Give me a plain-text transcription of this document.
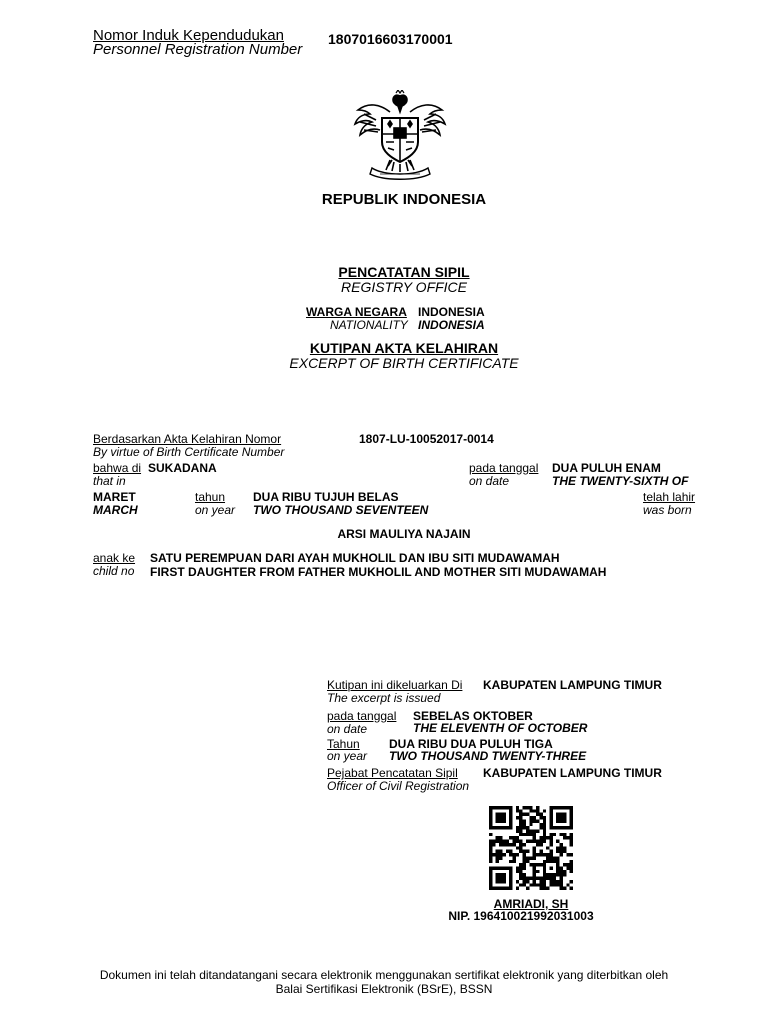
Nomor Induk Kependudukan
Personnel Registration Number
1807016603170001
REPUBLIK INDONESIA
PENCATATAN SIPIL
REGISTRY OFFICE
WARGA NEGARA
NATIONALITY
INDONESIA
INDONESIA
KUTIPAN AKTA KELAHIRAN
EXCERPT OF BIRTH CERTIFICATE
Berdasarkan Akta Kelahiran Nomor
By virtue of Birth Certificate Number
1807-LU-10052017-0014
bahwa di
that in
SUKADANA	pada tanggal
on date
DUA PULUH ENAM
THE TWENTY-SIXTH OF
MARET
MARCH
tahun
on year
DUA RIBU TUJUH BELAS
TWO THOUSAND SEVENTEEN
telah lahir
was born
ARSI MAULIYA NAJAIN
anak ke
child no
SATU PEREMPUAN DARI AYAH MUKHOLIL DAN IBU SITI MUDAWAMAH
FIRST DAUGHTER FROM FATHER MUKHOLIL AND MOTHER SITI MUDAWAMAH
Kutipan ini dikeluarkan Di
The excerpt is issued
KABUPATEN LAMPUNG TIMUR
pada tanggal
on date
SEBELAS OKTOBER
THE ELEVENTH OF OCTOBER
Tahun
on year
DUA RIBU DUA PULUH TIGA
TWO THOUSAND TWENTY-THREE
Pejabat Pencatatan Sipil
Officer of Civil Registration
KABUPATEN LAMPUNG TIMUR
AMRIADI, SH
NIP. 196410021992031003
Dokumen ini telah ditandatangani secara elektronik menggunakan sertifikat elektronik yang diterbitkan oleh
Balai Sertifikasi Elektronik (BSrE), BSSN
